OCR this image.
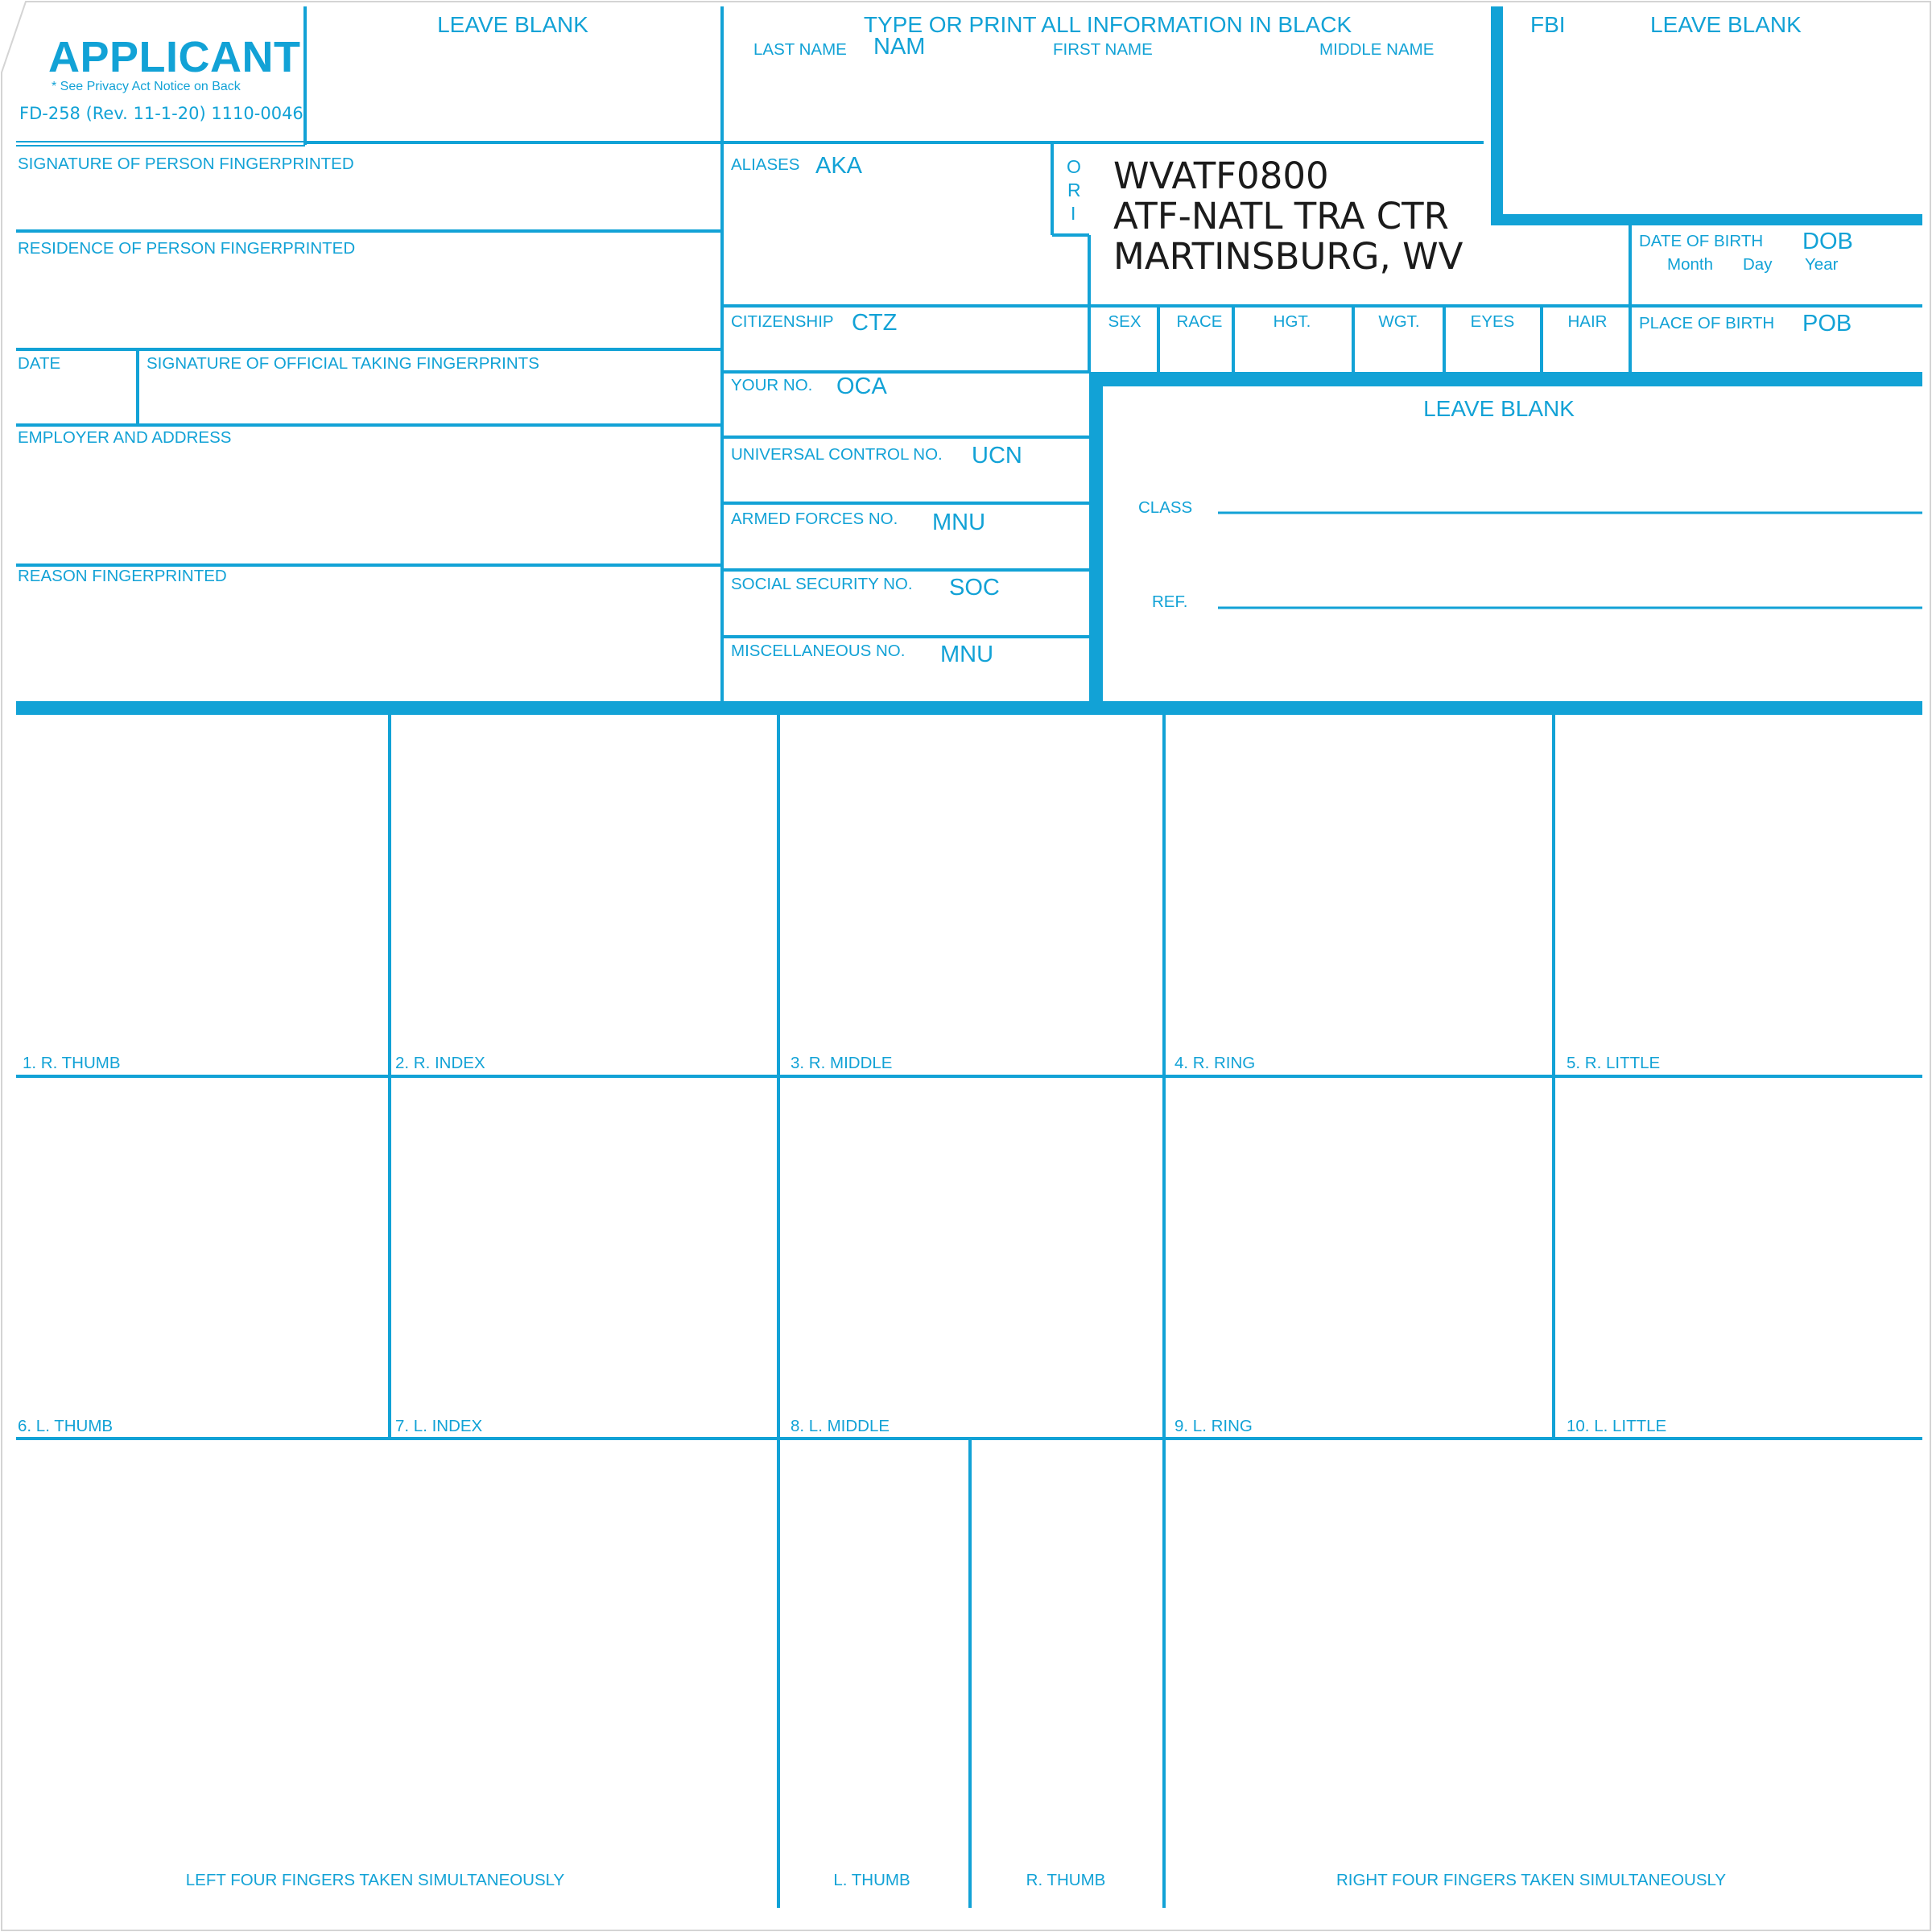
APPLICANT
* See Privacy Act Notice on Back
FD-258 (Rev. 11-1-20) 1110-0046
LEAVE BLANK	TYPE OR PRINT ALL INFORMATION IN BLACK
LAST NAME NAM	FIRST NAME	MIDDLE NAME
FBI	LEAVE BLANK
SIGNATURE OF PERSON FINGERPRINTED
RESIDENCE OF PERSON FINGERPRINTED
DATE	SIGNATURE OF OFFICIAL TAKING FINGERPRINTS
EMPLOYER AND ADDRESS
REASON FINGERPRINTED
ALIASES AKA
CITIZENSHIP CTZ
YOUR NO. OCA
UNIVERSAL CONTROL NO. UCN
ARMED FORCES NO. MNU
SOCIAL SECURITY NO. SOC
MISCELLANEOUS NO. MNU
O
R
I
WVATF0800
ATF-NATL TRA CTR
MARTINSBURG, WV	DATE OF BIRTH DOB
Month Day Year
SEX RACE	HGT.	WGT.	EYES	HAIR PLACE OF BIRTH POB
LEAVE BLANK
CLASS
REF.
1. R. THUMB	2. R. INDEX	3. R. MIDDLE	4. R. RING	5. R. LITTLE
6. L. THUMB	7. L. INDEX	8. L. MIDDLE	9. L. RING	10. L. LITTLE
LEFT FOUR FINGERS TAKEN SIMULTANEOUSLY	L. THUMB	R. THUMB	RIGHT FOUR FINGERS TAKEN SIMULTANEOUSLY
